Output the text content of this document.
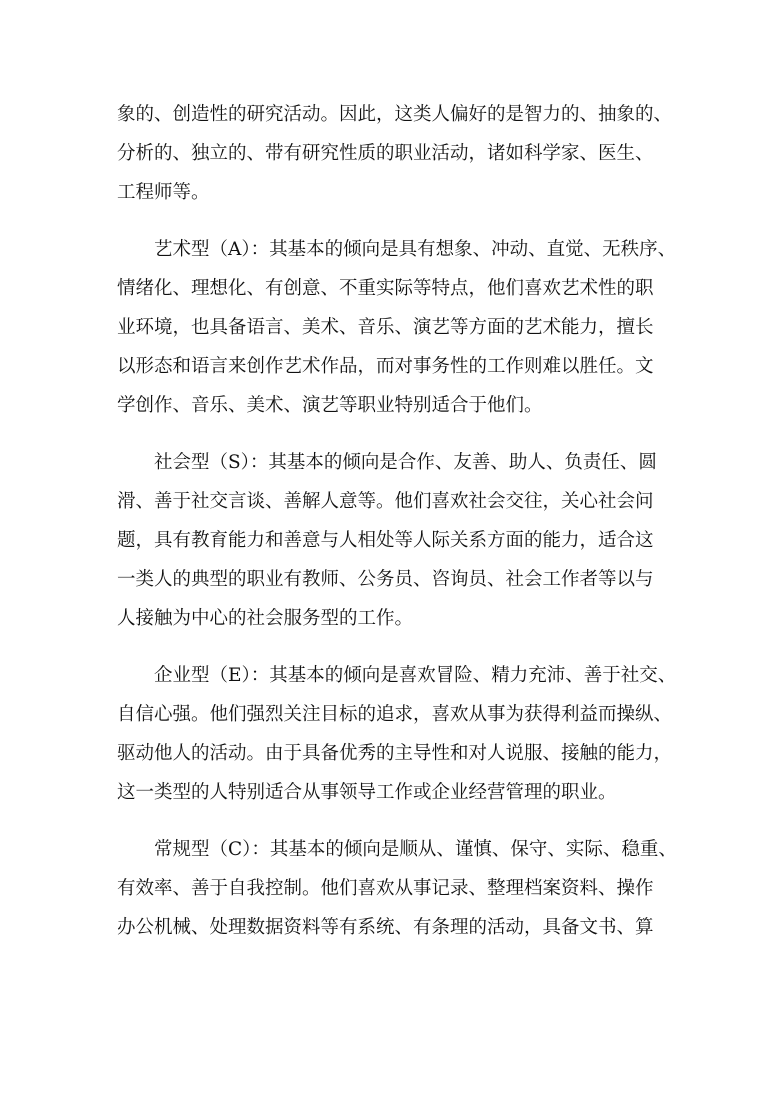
象的、创造性的研究活动。因此，这类人偏好的是智力的、抽象的、
分析的、独立的、带有研究性质的职业活动，诸如科学家、医生、
工程师等。
　　艺术型（A）：其基本的倾向是具有想象、冲动、直觉、无秩序、
情绪化、理想化、有创意、不重实际等特点，他们喜欢艺术性的职
业环境，也具备语言、美术、音乐、演艺等方面的艺术能力，擅长
以形态和语言来创作艺术作品，而对事务性的工作则难以胜任。文
学创作、音乐、美术、演艺等职业特别适合于他们。
　　社会型（S）：其基本的倾向是合作、友善、助人、负责任、圆
滑、善于社交言谈、善解人意等。他们喜欢社会交往，关心社会问
题，具有教育能力和善意与人相处等人际关系方面的能力，适合这
一类人的典型的职业有教师、公务员、咨询员、社会工作者等以与
人接触为中心的社会服务型的工作。
　　企业型（E）：其基本的倾向是喜欢冒险、精力充沛、善于社交、
自信心强。他们强烈关注目标的追求，喜欢从事为获得利益而操纵、
驱动他人的活动。由于具备优秀的主导性和对人说服、接触的能力，
这一类型的人特别适合从事领导工作或企业经营管理的职业。
　　常规型（C）：其基本的倾向是顺从、谨慎、保守、实际、稳重、
有效率、善于自我控制。他们喜欢从事记录、整理档案资料、操作
办公机械、处理数据资料等有系统、有条理的活动，具备文书、算
